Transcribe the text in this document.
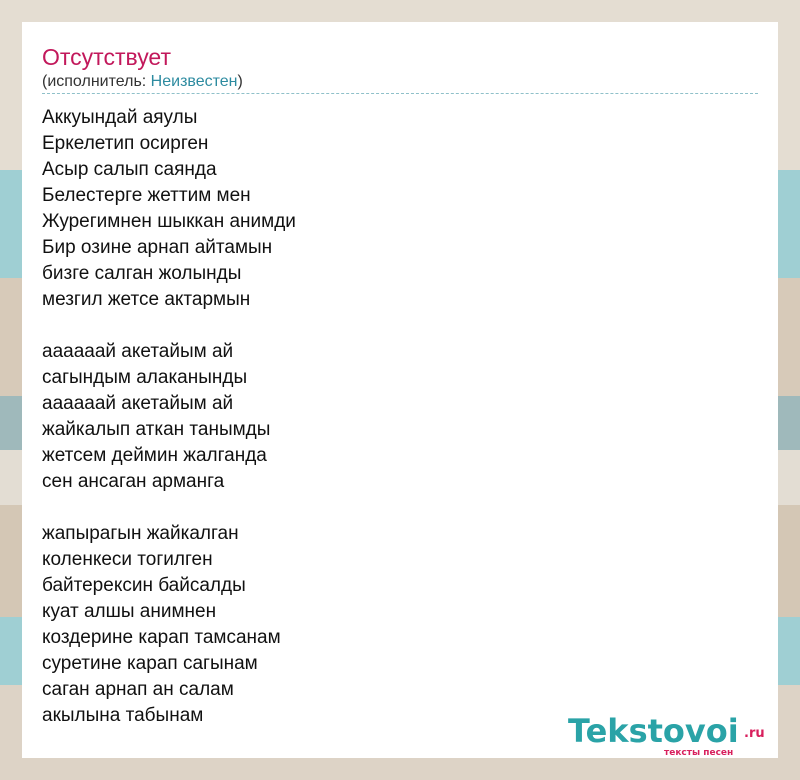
Отсутствует
(исполнитель: Неизвестен)
Аккуындай аяулы
Еркелетип осирген
Асыр салып саянда
Белестерге жеттим мен
Журегимнен шыккан анимди
Бир озине арнап айтамын
бизге салган жолынды
мезгил жетсе актармын
аааааай акетайым ай
сагындым алаканынды
аааааай акетайым ай
жайкалып аткан танымды
жетсем деймин жалганда
сен ансаган арманга
жапырагын жайкалган
коленкеси тогилген
байтерексин байсалды
куат алшы анимнен
коздерине карап тамсанам
суретине карап сагынам
саган арнап ан салам
акылына табынам	Tekstovoi .ru
тексты песен
